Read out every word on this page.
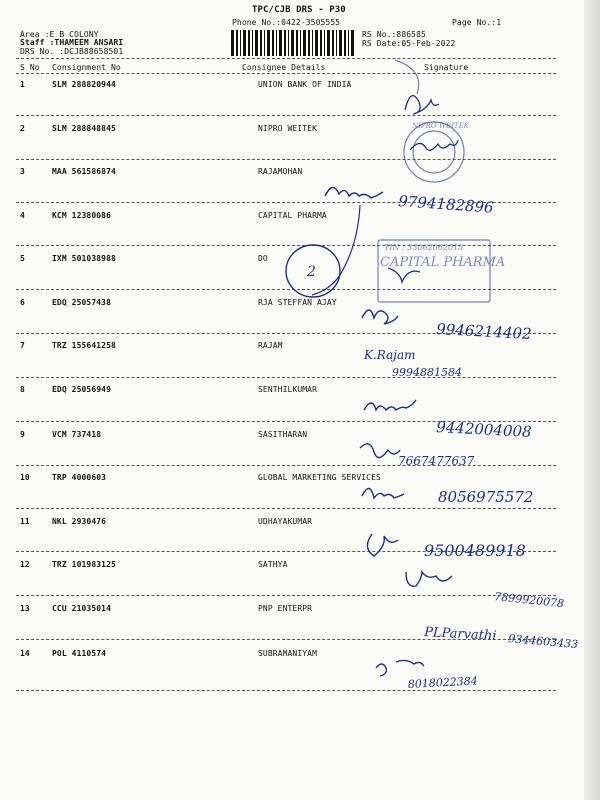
TPC/CJB DRS - P30
Phone No.:0422-3505555
Area :E B COLONY
Staff :THAMEEM ANSARI
DRS No. :DCJB88658501
RS No.:886585
RS Date:05-Feb-2022
Page No.:1
S No Consignment No	Consignee Details	Signature
1	SLM 288820944	UNION BANK OF INDIA
2	SLM 288848845	NIPRO WEITEK
3	MAA 561586874	RAJAMOHAN
4	KCM 12380086	CAPITAL PHARMA
5	IXM 501038988	DO
6	EDQ 25057438	RJA STEFFAN AJAY
7	TRZ 155641258	RAJAM
8	EDQ 25056949	SENTHILKUMAR
9	VCM 737418	SASITHARAN
10	TRP 4000603	GLOBAL MARKETING SERVICES
11	NKL 2930476	UDHAYAKUMAR
12	TRZ 101983125	SATHYA
13	CCU 21035014	PNP ENTERPR
14	POL 4110574	SUBRAMANIYAM
NIPRO WEITEK
9794182896
TIN : 33062062015
CAPITAL PHARMA
2
9946214402
K.Rajam
9994881584
9442004008
7667477637
8056975572
9500489918
7899920078
PLParvathi 9344603433
8018022384
